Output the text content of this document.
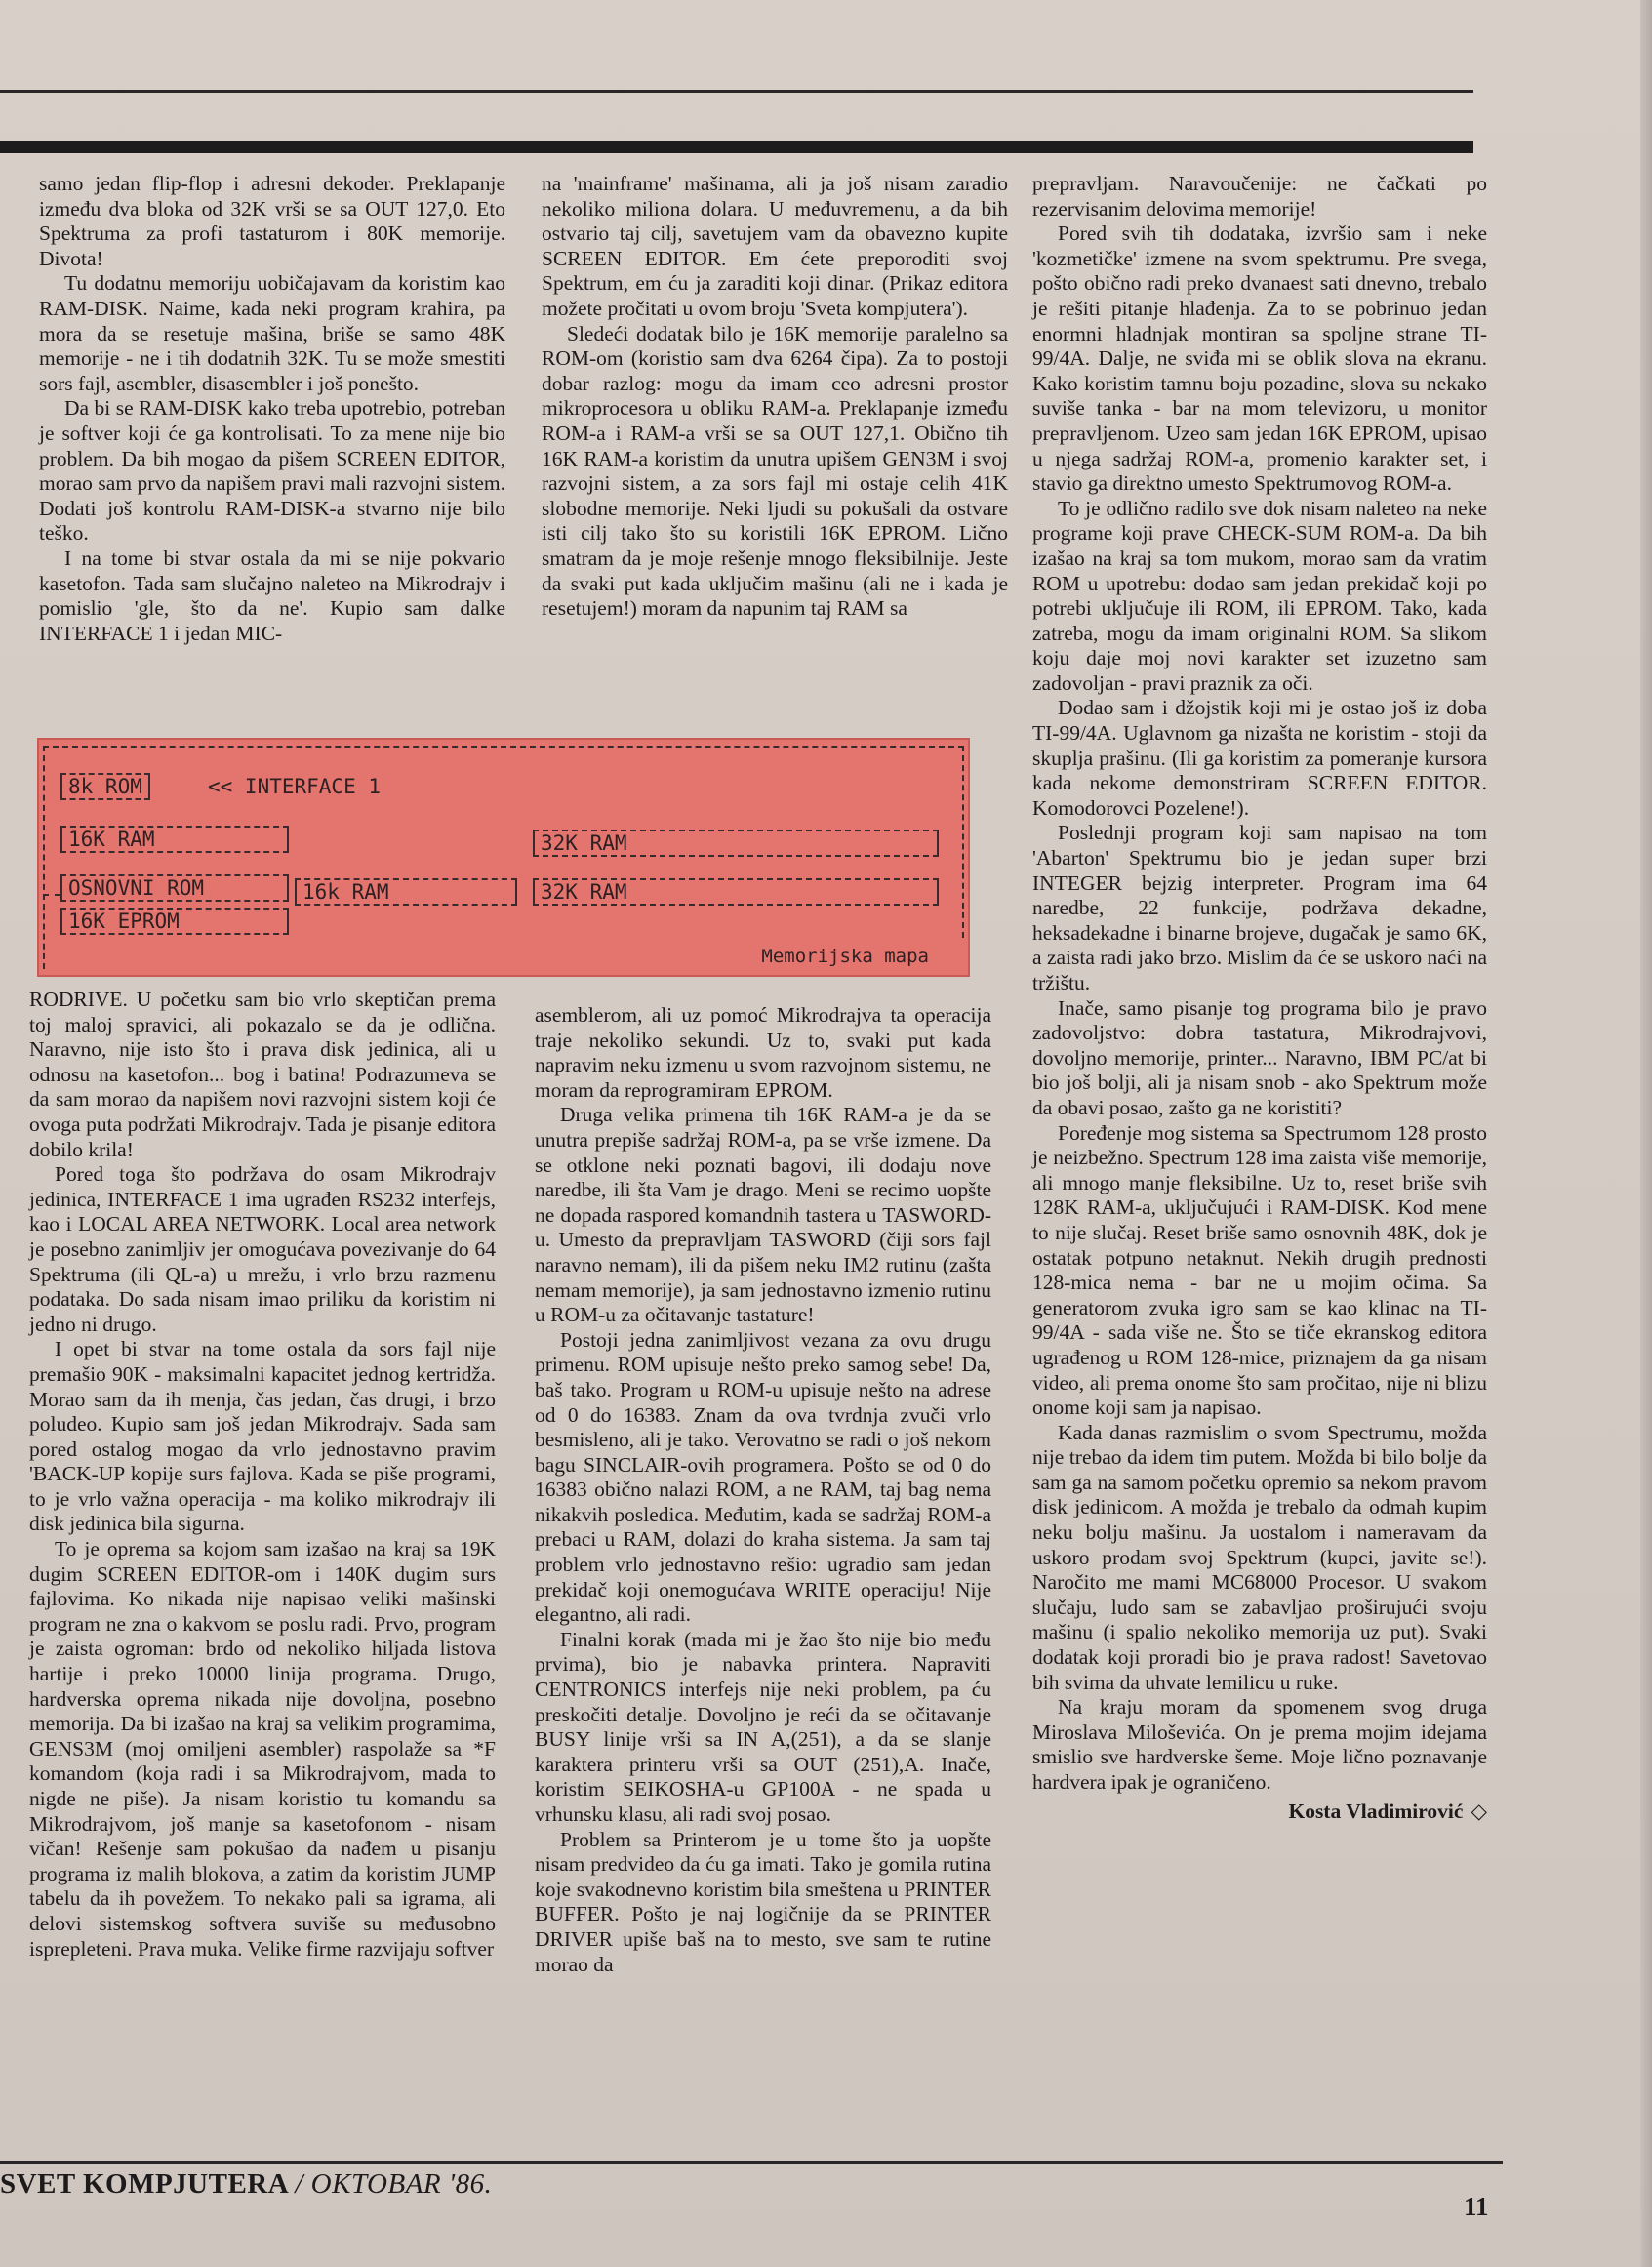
samo jedan flip-flop i adresni dekoder. Preklapanje između dva bloka od 32K vrši se sa OUT 127,0. Eto Spektruma za profi tastaturom i 80K memorije. Divota!

Tu dodatnu memoriju uobičajavam da koristim kao RAM-DISK. Naime, kada neki program krahira, pa mora da se resetuje mašina, briše se samo 48K memorije - ne i tih dodatnih 32K. Tu se može smestiti sors fajl, asembler, disasembler i još ponešto.

Da bi se RAM-DISK kako treba upotrebio, potreban je softver koji će ga kontrolisati. To za mene nije bio problem. Da bih mogao da pišem SCREEN EDITOR, morao sam prvo da napišem pravi mali razvojni sistem. Dodati još kontrolu RAM-DISK-a stvarno nije bilo teško.

I na tome bi stvar ostala da mi se nije pokvario kasetofon. Tada sam slučajno naleteo na Mikrodrajv i pomislio 'gle, što da ne'. Kupio sam dalke INTERFACE 1 i jedan MIC-

na 'mainframe' mašinama, ali ja još nisam zaradio nekoliko miliona dolara. U međuvremenu, a da bih ostvario taj cilj, savetujem vam da obavezno kupite SCREEN EDITOR. Em ćete preporoditi svoj Spektrum, em ću ja zaraditi koji dinar. (Prikaz editora možete pročitati u ovom broju 'Sveta kompjutera').

Sledeći dodatak bilo je 16K memorije paralelno sa ROM-om (koristio sam dva 6264 čipa). Za to postoji dobar razlog: mogu da imam ceo adresni prostor mikroprocesora u obliku RAM-a. Preklapanje između ROM-a i RAM-a vrši se sa OUT 127,1. Obično tih 16K RAM-a koristim da unutra upišem GEN3M i svoj razvojni sistem, a za sors fajl mi ostaje celih 41K slobodne memorije. Neki ljudi su pokušali da ostvare isti cilj tako što su koristili 16K EPROM. Lično smatram da je moje rešenje mnogo fleksibilnije. Jeste da svaki put kada uključim mašinu (ali ne i kada je resetujem!) moram da napunim taj RAM sa

prepravljam. Naravoučenije: ne čačkati po rezervisanim delovima memorije!

Pored svih tih dodataka, izvršio sam i neke 'kozmetičke' izmene na svom spektrumu. Pre svega, pošto obično radi preko dvanaest sati dnevno, trebalo je rešiti pitanje hlađenja. Za to se pobrinuo jedan enormni hladnjak montiran sa spoljne strane TI-99/4A. Dalje, ne sviđa mi se oblik slova na ekranu. Kako koristim tamnu boju pozadine, slova su nekako suviše tanka - bar na mom televizoru, u monitor prepravljenom. Uzeo sam jedan 16K EPROM, upisao u njega sadržaj ROM-a, promenio karakter set, i stavio ga direktno umesto Spektrumovog ROM-a.

To je odlično radilo sve dok nisam naleteo na neke programe koji prave CHECK-SUM ROM-a. Da bih izašao na kraj sa tom mukom, morao sam da vratim ROM u upotrebu: dodao sam jedan prekidač koji po potrebi uključuje ili ROM, ili EPROM. Tako, kada zatreba, mogu da imam originalni ROM. Sa slikom koju daje moj novi karakter set izuzetno sam zadovoljan - pravi praznik za oči.

Dodao sam i džojstik koji mi je ostao još iz doba TI-99/4A. Uglavnom ga nizašta ne koristim - stoji da skuplja prašinu. (Ili ga koristim za pomeranje kursora kada nekome demonstriram SCREEN EDITOR. Komodorovci Pozelene!).

Poslednji program koji sam napisao na tom 'Abarton' Spektrumu bio je jedan super brzi INTEGER bejzig interpreter. Program ima 64 naredbe, 22 funkcije, podržava dekadne, heksadekadne i binarne brojeve, dugačak je samo 6K, a zaista radi jako brzo. Mislim da će se uskoro naći na tržištu.

Inače, samo pisanje tog programa bilo je pravo zadovoljstvo: dobra tastatura, Mikrodrajvovi, dovoljno memorije, printer... Naravno, IBM PC/at bi bio još bolji, ali ja nisam snob - ako Spektrum može da obavi posao, zašto ga ne koristiti?

Poređenje mog sistema sa Spectrumom 128 prosto je neizbežno. Spectrum 128 ima zaista više memorije, ali mnogo manje fleksibilne. Uz to, reset briše svih 128K RAM-a, uključujući i RAM-DISK. Kod mene to nije slučaj. Reset briše samo osnovnih 48K, dok je ostatak potpuno netaknut. Nekih drugih prednosti 128-mica nema - bar ne u mojim očima. Sa generatorom zvuka igro sam se kao klinac na TI-99/4A - sada više ne. Što se tiče ekranskog editora ugrađenog u ROM 128-mice, priznajem da ga nisam video, ali prema onome što sam pročitao, nije ni blizu onome koji sam ja napisao.

Kada danas razmislim o svom Spectrumu, možda nije trebao da idem tim putem. Možda bi bilo bolje da sam ga na samom početku opremio sa nekom pravom disk jedinicom. A možda je trebalo da odmah kupim neku bolju mašinu. Ja uostalom i nameravam da uskoro prodam svoj Spektrum (kupci, javite se!). Naročito me mami MC68000 Procesor. U svakom slučaju, ludo sam se zabavljao proširujući svoju mašinu (i spalio nekoliko memorija uz put). Svaki dodatak koji proradi bio je prava radost! Savetovao bih svima da uhvate lemilicu u ruke.

Na kraju moram da spomenem svog druga Miroslava Miloševića. On je prema mojim idejama smislio sve hardverske šeme. Moje lično poznavanje hardvera ipak je ograničeno.

Kosta Vladimirović ◇
8k ROM	<< INTERFACE 1
16K RAM	32K RAM
OSNOVNI ROM	16k RAM	32K RAM
16K EPROM
Memorijska mapa

RODRIVE. U početku sam bio vrlo skeptičan prema toj maloj spravici, ali pokazalo se da je odlična. Naravno, nije isto što i prava disk jedinica, ali u odnosu na kasetofon... bog i batina! Podrazumeva se da sam morao da napišem novi razvojni sistem koji će ovoga puta podržati Mikrodrajv. Tada je pisanje editora dobilo krila!

Pored toga što podržava do osam Mikrodrajv jedinica, INTERFACE 1 ima ugrađen RS232 interfejs, kao i LOCAL AREA NETWORK. Local area network je posebno zanimljiv jer omogućava povezivanje do 64 Spektruma (ili QL-a) u mrežu, i vrlo brzu razmenu podataka. Do sada nisam imao priliku da koristim ni jedno ni drugo.

I opet bi stvar na tome ostala da sors fajl nije premašio 90K - maksimalni kapacitet jednog kertridža. Morao sam da ih menja, čas jedan, čas drugi, i brzo poludeo. Kupio sam još jedan Mikrodrajv. Sada sam pored ostalog mogao da vrlo jednostavno pravim 'BACK-UP kopije surs fajlova. Kada se piše programi, to je vrlo važna operacija - ma koliko mikrodrajv ili disk jedinica bila sigurna.

To je oprema sa kojom sam izašao na kraj sa 19K dugim SCREEN EDITOR-om i 140K dugim surs fajlovima. Ko nikada nije napisao veliki mašinski program ne zna o kakvom se poslu radi. Prvo, program je zaista ogroman: brdo od nekoliko hiljada listova hartije i preko 10000 linija programa. Drugo, hardverska oprema nikada nije dovoljna, posebno memorija. Da bi izašao na kraj sa velikim programima, GENS3M (moj omiljeni asembler) raspolaže sa *F komandom (koja radi i sa Mikrodrajvom, mada to nigde ne piše). Ja nisam koristio tu komandu sa Mikrodrajvom, još manje sa kasetofonom - nisam vičan! Rešenje sam pokušao da nađem u pisanju programa iz malih blokova, a zatim da koristim JUMP tabelu da ih povežem. To nekako pali sa igrama, ali delovi sistemskog softvera suviše su međusobno isprepleteni. Prava muka. Velike firme razvijaju softver

asemblerom, ali uz pomoć Mikrodrajva ta operacija traje nekoliko sekundi. Uz to, svaki put kada napravim neku izmenu u svom razvojnom sistemu, ne moram da reprogramiram EPROM.

Druga velika primena tih 16K RAM-a je da se unutra prepiše sadržaj ROM-a, pa se vrše izmene. Da se otklone neki poznati bagovi, ili dodaju nove naredbe, ili šta Vam je drago. Meni se recimo uopšte ne dopada raspored komandnih tastera u TASWORD-u. Umesto da prepravljam TASWORD (čiji sors fajl naravno nemam), ili da pišem neku IM2 rutinu (zašta nemam memorije), ja sam jednostavno izmenio rutinu u ROM-u za očitavanje tastature!

Postoji jedna zanimljivost vezana za ovu drugu primenu. ROM upisuje nešto preko samog sebe! Da, baš tako. Program u ROM-u upisuje nešto na adrese od 0 do 16383. Znam da ova tvrdnja zvuči vrlo besmisleno, ali je tako. Verovatno se radi o još nekom bagu SINCLAIR-ovih programera. Pošto se od 0 do 16383 obično nalazi ROM, a ne RAM, taj bag nema nikakvih posledica. Međutim, kada se sadržaj ROM-a prebaci u RAM, dolazi do kraha sistema. Ja sam taj problem vrlo jednostavno rešio: ugradio sam jedan prekidač koji onemogućava WRITE operaciju! Nije elegantno, ali radi.

Finalni korak (mada mi je žao što nije bio među prvima), bio je nabavka printera. Napraviti CENTRONICS interfejs nije neki problem, pa ću preskočiti detalje. Dovoljno je reći da se očitavanje BUSY linije vrši sa IN A,(251), a da se slanje karaktera printeru vrši sa OUT (251),A. Inače, koristim SEIKOSHA-u GP100A - ne spada u vrhunsku klasu, ali radi svoj posao.

Problem sa Printerom je u tome što ja uopšte nisam predvideo da ću ga imati. Tako je gomila rutina koje svakodnevno koristim bila smeštena u PRINTER BUFFER. Pošto je naj logičnije da se PRINTER DRIVER upiše baš na to mesto, sve sam te rutine morao da

SVET KOMPJUTERA / OKTOBAR '86.
11
